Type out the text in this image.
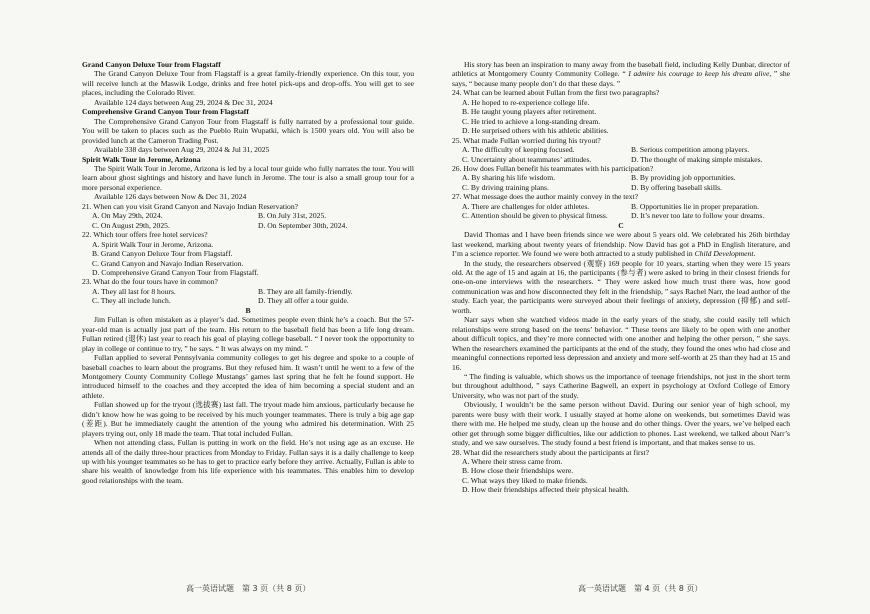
Grand Canyon Deluxe Tour from Flagstaff

The Grand Canyon Deluxe Tour from Flagstaff is a great family-friendly experience. On this tour, you will receive lunch at the Maswik Lodge, drinks and free hotel pick-ups and drop-offs. You will get to see places, including the Colorado River.

Available 124 days between Aug 29, 2024 & Dec 31, 2024

Comprehensive Grand Canyon Tour from Flagstaff

The Comprehensive Grand Canyon Tour from Flagstaff is fully narrated by a professional tour guide. You will be taken to places such as the Pueblo Ruin Wupatki, which is 1500 years old. You will also be provided lunch at the Cameron Trading Post.

Available 338 days between Aug 29, 2024 & Jul 31, 2025

Spirit Walk Tour in Jerome, Arizona

The Spirit Walk Tour in Jerome, Arizona is led by a local tour guide who fully narrates the tour. You will learn about ghost sightings and history and have lunch in Jerome. The tour is also a small group tour for a more personal experience.

Available 126 days between Now & Dec 31, 2024

21. When can you visit Grand Canyon and Navajo Indian Reservation?

A. On May 29th, 2024.	B. On July 31st, 2025.
C. On August 29th, 2025.	D. On September 30th, 2024.

22. Which tour offers free hotel services?

A. Spirit Walk Tour in Jerome, Arizona.

B. Grand Canyon Deluxe Tour from Flagstaff.

C. Grand Canyon and Navajo Indian Reservation.

D. Comprehensive Grand Canyon Tour from Flagstaff.

23. What do the four tours have in common?

A. They all last for 8 hours.	B. They are all family-friendly.
C. They all include lunch.	D. They all offer a tour guide.

B

Jim Fullan is often mistaken as a player’s dad. Sometimes people even think he’s a coach. But the 57-year-old man is actually just part of the team. His return to the baseball field has been a life long dream. Fullan retired (退休) last year to reach his goal of playing college baseball. “ I never took the opportunity to play in college or continue to try, ” he says. “ It was always on my mind. ”

Fullan applied to several Pennsylvania community colleges to get his degree and spoke to a couple of baseball coaches to learn about the programs. But they refused him. It wasn’t until he went to a few of the Montgomery County Community College Mustangs’ games last spring that he felt he found support. He introduced himself to the coaches and they accepted the idea of him becoming a special student and an athlete.

Fullan showed up for the tryout (选拔赛) last fall. The tryout made him anxious, particularly because he didn’t know how he was going to be received by his much younger teammates. There is truly a big age gap (差距). But he immediately caught the attention of the young who admired his determination. With 25 players trying out, only 18 made the team. That total included Fullan.

When not attending class, Fullan is putting in work on the field. He’s not using age as an excuse. He attends all of the daily three-hour practices from Monday to Friday. Fullan says it is a daily challenge to keep up with his younger teammates so he has to get to practice early before they arrive. Actually, Fullan is able to share his wealth of knowledge from his life experience with his teammates. This enables him to develop good relationships with the team.

His story has been an inspiration to many away from the baseball field, including Kelly Dunbar, director of athletics at Montgomery County Community College. “ I admire his courage to keep his dream alive, ” she says, “ because many people don’t do that these days. ”

24. What can be learned about Fullan from the first two paragraphs?

A. He hoped to re-experience college life.

B. He taught young players after retirement.

C. He tried to achieve a long-standing dream.

D. He surprised others with his athletic abilities.

25. What made Fullan worried during his tryout?

A. The difficulty of keeping focused.	B. Serious competition among players.
C. Uncertainty about teammates’ attitudes.	D. The thought of making simple mistakes.

26. How does Fullan benefit his teammates with his participation?

A. By sharing his life wisdom.	B. By providing job opportunities.
C. By driving training plans.	D. By offering baseball skills.

27. What message does the author mainly convey in the text?

A. There are challenges for older athletes.	B. Opportunities lie in proper preparation.
C. Attention should be given to physical fitness.	D. It’s never too late to follow your dreams.

C

David Thomas and I have been friends since we were about 5 years old. We celebrated his 26th birthday last weekend, marking about twenty years of friendship. Now David has got a PhD in English literature, and I’m a science reporter. We found we were both attracted to a study published in Child Development.

In the study, the researchers observed (观察) 169 people for 10 years, starting when they were 15 years old. At the age of 15 and again at 16, the participants (参与者) were asked to bring in their closest friends for one-on-one interviews with the researchers. “ They were asked how much trust there was, how good communication was and how disconnected they felt in the friendship, ” says Rachel Narr, the lead author of the study. Each year, the participants were surveyed about their feelings of anxiety, depression (抑郁) and self-worth.

Narr says when she watched videos made in the early years of the study, she could easily tell which relationships were strong based on the teens’ behavior. “ These teens are likely to be open with one another about difficult topics, and they’re more connected with one another and helping the other person, ” she says. When the researchers examined the participants at the end of the study, they found the ones who had close and meaningful connections reported less depression and anxiety and more self-worth at 25 than they had at 15 and 16.

“ The finding is valuable, which shows us the importance of teenage friendships, not just in the short term but throughout adulthood, ” says Catherine Bagwell, an expert in psychology at Oxford College of Emory University, who was not part of the study.

Obviously, I wouldn’t be the same person without David. During our senior year of high school, my parents were busy with their work. I usually stayed at home alone on weekends, but sometimes David was there with me. He helped me study, clean up the house and do other things. Over the years, we’ve helped each other get through some bigger difficulties, like our addiction to phones. Last weekend, we talked about Narr’s study, and we saw ourselves. The study found a best friend is important, and that makes sense to us.

28. What did the researchers study about the participants at first?

A. Where their stress came from.

B. How close their friendships were.

C. What ways they liked to make friends.

D. How their friendships affected their physical health.

高一英语试题　第 3 页（共 8 页）	高一英语试题　第 4 页（共 8 页）
